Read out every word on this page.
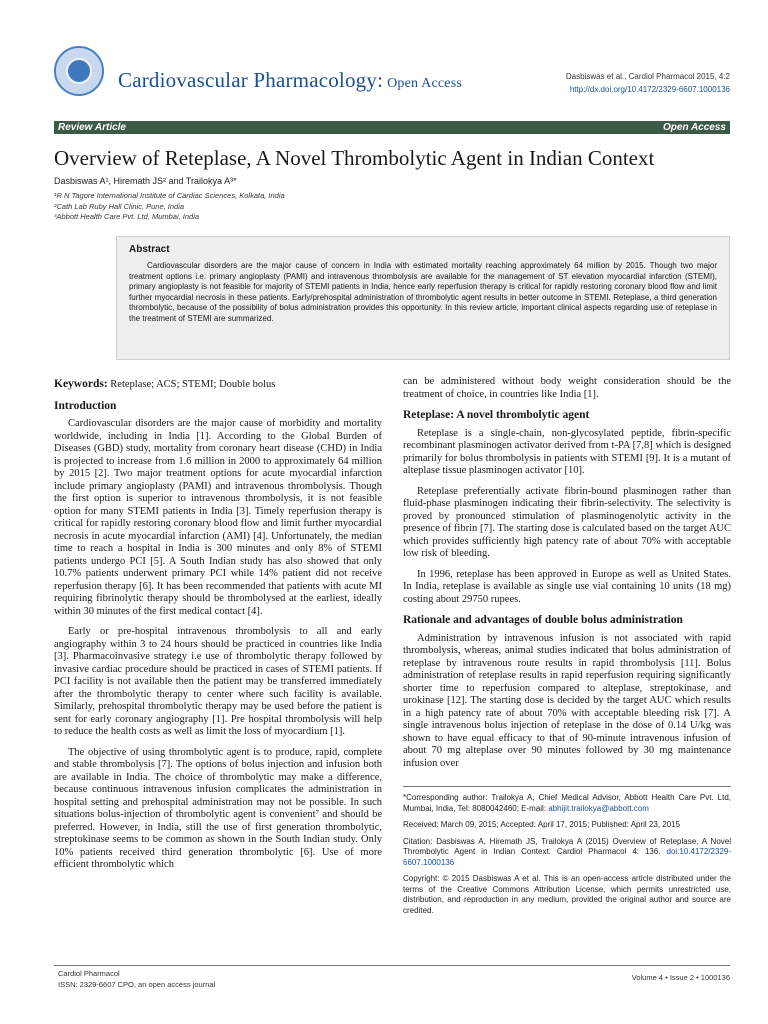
Cardiovascular Pharmacology: Open Access	Dasbiswas et al., Cardiol Pharmacol 2015, 4:2
http://dx.doi.org/10.4172/2329-6607.1000136
Review Article	Open Access
Overview of Reteplase, A Novel Thrombolytic Agent in Indian Context
Dasbiswas A¹, Hiremath JS² and Trailokya A³*
¹R N Tagore International Institute of Cardiac Sciences, Kolkata, India
²Cath Lab Ruby Hall Clinic, Pune, India
³Abbott Health Care Pvt. Ltd, Mumbai, India
Abstract

Cardiovascular disorders are the major cause of concern in India with estimated mortality reaching approximately 64 million by 2015. Though two major treatment options i.e. primary angioplasty (PAMI) and intravenous thrombolysis are available for the management of ST elevation myocardial infarction (STEMI), primary angioplasty is not feasible for majority of STEMI patients in India, hence early reperfusion therapy is critical for rapidly restoring coronary blood flow and limit further myocardial necrosis in these patients. Early/prehospital administration of thrombolytic agent results in better outcome in STEMI. Reteplase, a third generation thrombolytic, because of the possibility of bolus administration provides this opportunity. In this review article, important clinical aspects regarding use of reteplase in the treatment of STEMI are summarized.

Keywords: Reteplase; ACS; STEMI; Double bolus

Introduction

Cardiovascular disorders are the major cause of morbidity and mortality worldwide, including in India [1]. According to the Global Burden of Diseases (GBD) study, mortality from coronary heart disease (CHD) in India is projected to increase from 1.6 million in 2000 to approximately 64 million by 2015 [2]. Two major treatment options for acute myocardial infarction include primary angioplasty (PAMI) and intravenous thrombolysis. Though the first option is superior to intravenous thrombolysis, it is not feasible option for many STEMI patients in India [3]. Timely reperfusion therapy is critical for rapidly restoring coronary blood flow and limit further myocardial necrosis in acute myocardial infarction (AMI) [4]. Unfortunately, the median time to reach a hospital in India is 300 minutes and only 8% of STEMI patients undergo PCI [5]. A South Indian study has also showed that only 10.7% patients underwent primary PCI while 14% patient did not receive reperfusion therapy [6]. It has been recommended that patients with acute MI requiring fibrinolytic therapy should be thrombolysed at the earliest, ideally within 30 minutes of the first medical contact [4].

Early or pre-hospital intravenous thrombolysis to all and early angiography within 3 to 24 hours should be practiced in countries like India [3]. Pharmacoinvasive strategy i.e use of thrombolytic therapy followed by invasive cardiac procedure should be practiced in cases of STEMI patients. If PCI facility is not available then the patient may be transferred immediately after the thrombolytic therapy to center where such facility is available. Similarly, prehospital thrombolytic therapy may be used before the patient is sent for early coronary angiography [1]. Pre hospital thrombolysis will help to reduce the health costs as well as limit the loss of myocardium [1].

The objective of using thrombolytic agent is to produce, rapid, complete and stable thrombolysis [7]. The options of bolus injection and infusion both are available in India. The choice of thrombolytic may make a difference, because continuous intravenous infusion complicates the administration in hospital setting and prehospital administration may not be possible. In such situations bolus-injection of thrombolytic agent is convenient⁷ and should be preferred. However, in India, still the use of first generation thrombolytic, streptokinase seems to be common as shown in the South Indian study. Only 10% patients received third generation thrombolytic [6]. Use of more efficient thrombolytic which

can be administered without body weight consideration should be the treatment of choice, in countries like India [1].

Reteplase: A novel thrombolytic agent

Reteplase is a single-chain, non-glycosylated peptide, fibrin-specific recombinant plasminogen activator derived from t-PA [7,8] which is designed primarily for bolus thrombolysis in patients with STEMI [9]. It is a mutant of alteplase tissue plasminogen activator [10].

Reteplase preferentially activate fibrin-bound plasminogen rather than fluid-phase plasminogen indicating their fibrin-selectivity. The selectivity is proved by pronounced stimulation of plasminogenolytic activity in the presence of fibrin [7]. The starting dose is calculated based on the target AUC which provides sufficiently high patency rate of about 70% with acceptable low risk of bleeding.

In 1996, reteplase has been approved in Europe as well as United States. In India, reteplase is available as single use vial containing 10 units (18 mg) costing about 29750 rupees.

Rationale and advantages of double bolus administration

Administration by intravenous infusion is not associated with rapid thrombolysis, whereas, animal studies indicated that bolus administration of reteplase by intravenous route results in rapid thrombolysis [11]. Bolus administration of reteplase results in rapid reperfusion requiring significantly shorter time to reperfusion compared to alteplase, streptokinase, and urokinase [12]. The starting dose is decided by the target AUC which results in a high patency rate of about 70% with acceptable bleeding risk [7]. A single intravenous bolus injection of reteplase in the dose of 0.14 U/kg was shown to have equal efficacy to that of 90-minute intravenous infusion of about 70 mg alteplase over 90 minutes followed by 30 mg maintenance infusion over

*Corresponding author: Trailokya A, Chief Medical Advisor, Abbott Health Care Pvt. Ltd, Mumbai, India, Tel: 8080042460; E-mail: abhijit.trailokya@abbott.com

Received: March 09, 2015; Accepted: April 17, 2015; Published: April 23, 2015

Citation: Dasbiswas A, Hiremath JS, Trailokya A (2015) Overview of Reteplase, A Novel Thrombolytic Agent in Indian Context. Cardiol Pharmacol 4: 136. doi:10.4172/2329-6607.1000136

Copyright: © 2015 Dasbiswas A et al. This is an open-access article distributed under the terms of the Creative Commons Attribution License, which permits unrestricted use, distribution, and reproduction in any medium, provided the original author and source are credited.

Cardiol Pharmacol
ISSN: 2329-6607 CPO, an open access journal
Volume 4 • Issue 2 • 1000136
